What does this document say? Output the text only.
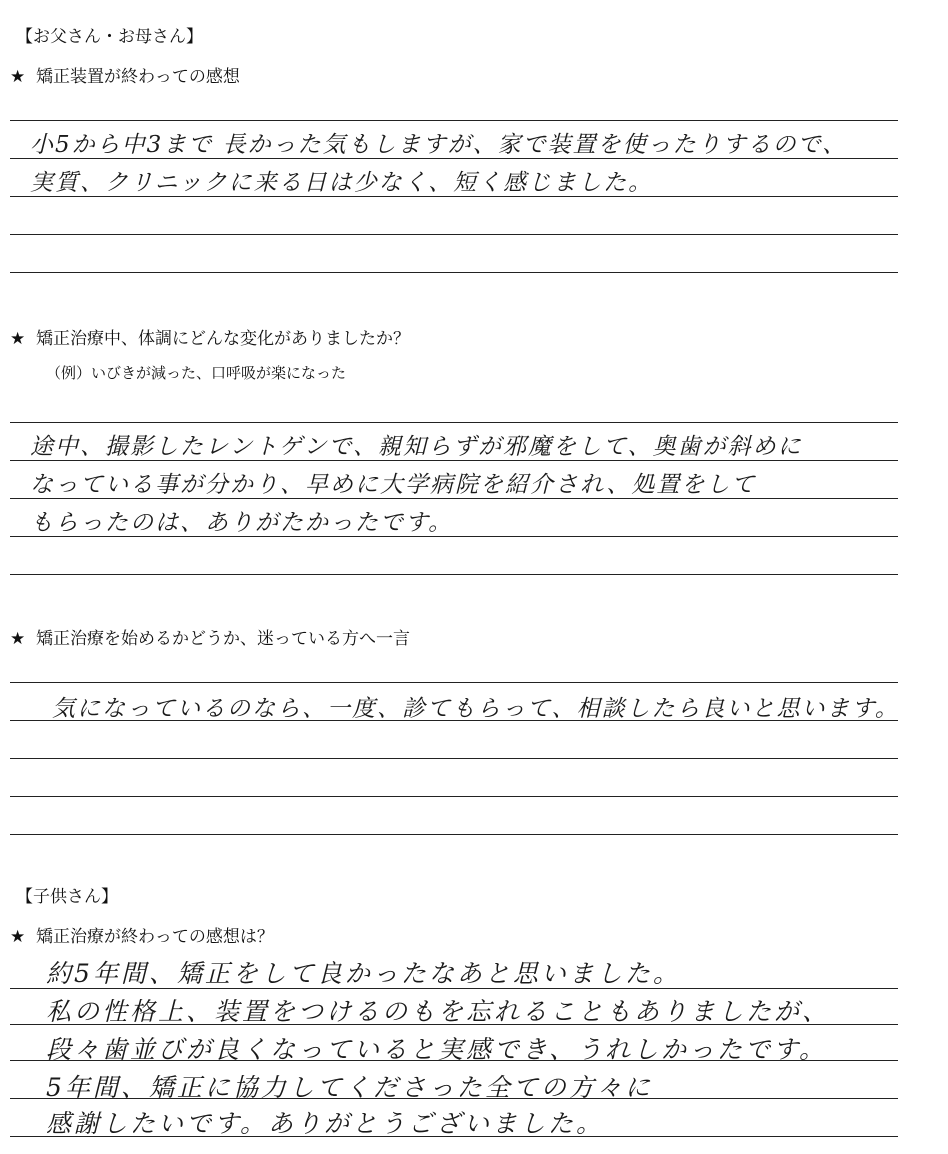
【お父さん・お母さん】
★ 矯正装置が終わっての感想
小5から中3まで 長かった気もしますが、家で装置を使ったりするので、
実質、クリニックに来る日は少なく、短く感じました。
★ 矯正治療中、体調にどんな変化がありましたか？
（例）いびきが減った、口呼吸が楽になった
途中、撮影したレントゲンで、親知らずが邪魔をして、奥歯が斜めに
なっている事が分かり、早めに大学病院を紹介され、処置をして
もらったのは、ありがたかったです。
★ 矯正治療を始めるかどうか、迷っている方へ一言
気になっているのなら、一度、診てもらって、相談したら良いと思います。
【子供さん】
★ 矯正治療が終わっての感想は？
約5年間、矯正をして良かったなあと思いました。
私の性格上、装置をつけるのもを忘れることもありましたが、
段々歯並びが良くなっていると実感でき、うれしかったです。
5年間、矯正に協力してくださった全ての方々に
感謝したいです。ありがとうございました。
